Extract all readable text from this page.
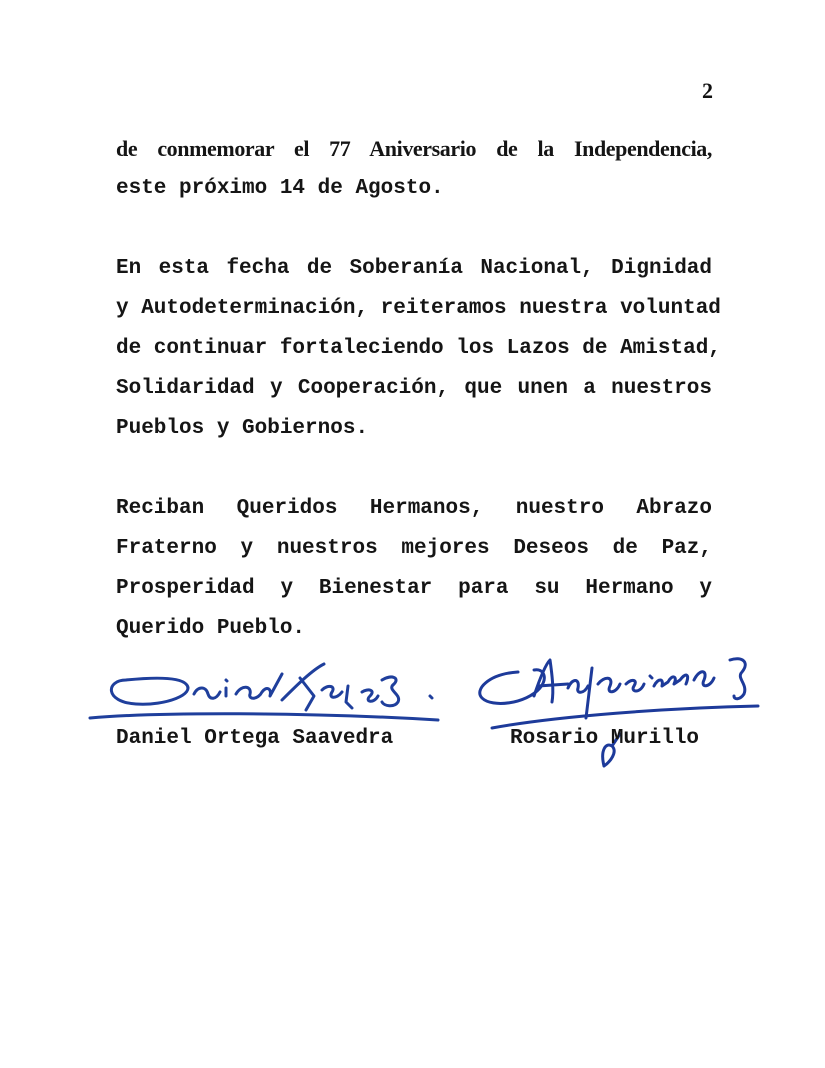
2

de conmemorar el 77 Aniversario de la Independencia,

este próximo 14 de Agosto.

En esta fecha de Soberanía Nacional, Dignidad

y Autodeterminación, reiteramos nuestra voluntad

de continuar fortaleciendo los Lazos de Amistad,

Solidaridad y Cooperación, que unen a nuestros

Pueblos y Gobiernos.

Reciban Queridos Hermanos, nuestro Abrazo

Fraterno y nuestros mejores Deseos de Paz,

Prosperidad y Bienestar para su Hermano y

Querido Pueblo.

Daniel Ortega Saavedra	Rosario Murillo
